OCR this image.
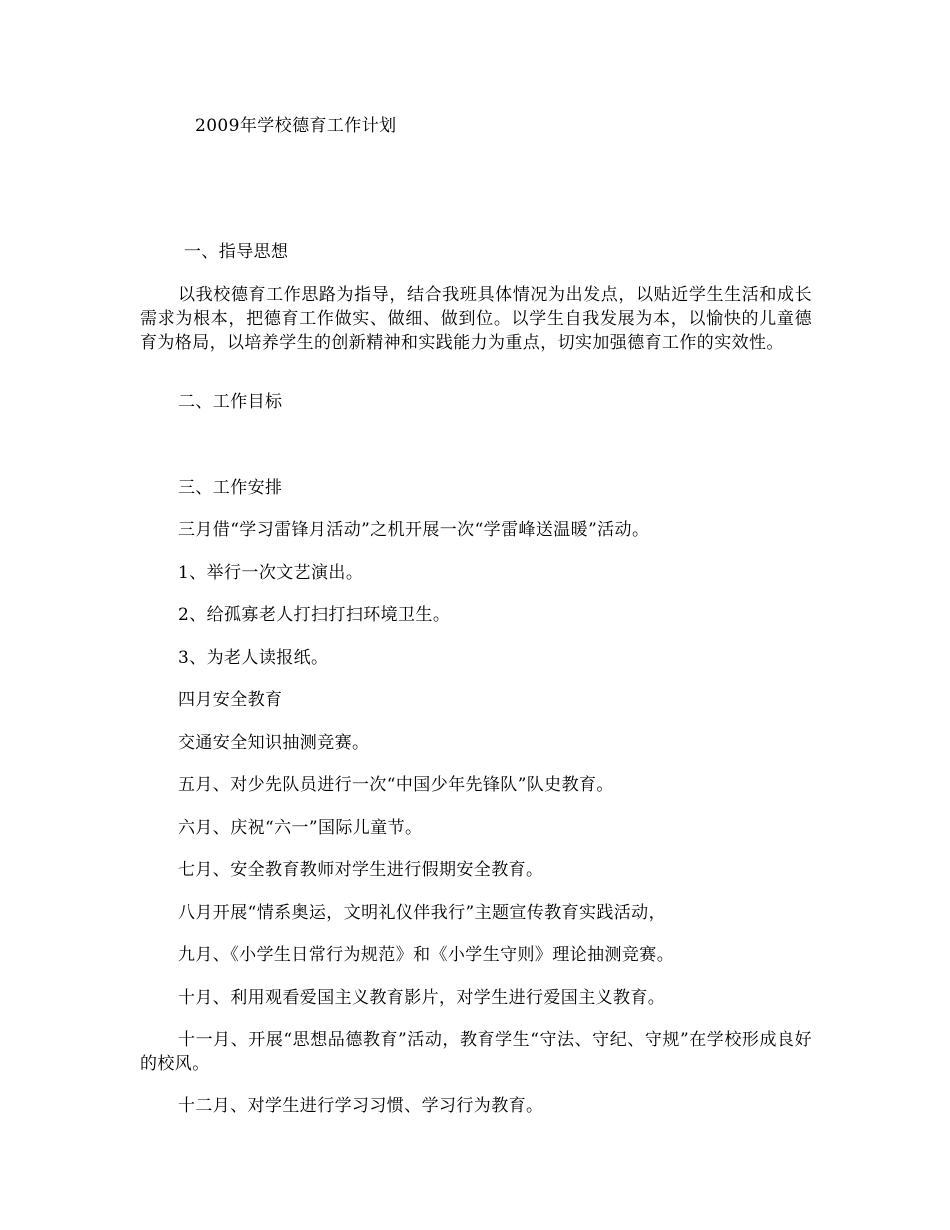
2009年学校德育工作计划
一、指导思想
以我校德育工作思路为指导，结合我班具体情况为出发点，以贴近学生生活和成长需求为根本，把德育工作做实、做细、做到位。以学生自我发展为本，以愉快的儿童德育为格局，以培养学生的创新精神和实践能力为重点，切实加强德育工作的实效性。
二、工作目标
三、工作安排
三月借“学习雷锋月活动”之机开展一次“学雷峰送温暖”活动。
1、举行一次文艺演出。
2、给孤寡老人打扫打扫环境卫生。
3、为老人读报纸。
四月安全教育
交通安全知识抽测竞赛。
五月、对少先队员进行一次“中国少年先锋队”队史教育。
六月、庆祝“六一”国际儿童节。
七月、安全教育教师对学生进行假期安全教育。
八月开展“情系奥运，文明礼仪伴我行”主题宣传教育实践活动，
九月、《小学生日常行为规范》和《小学生守则》理论抽测竞赛。
十月、利用观看爱国主义教育影片，对学生进行爱国主义教育。
十一月、开展“思想品德教育”活动，教育学生“守法、守纪、守规”在学校形成良好的校风。
十二月、对学生进行学习习惯、学习行为教育。
